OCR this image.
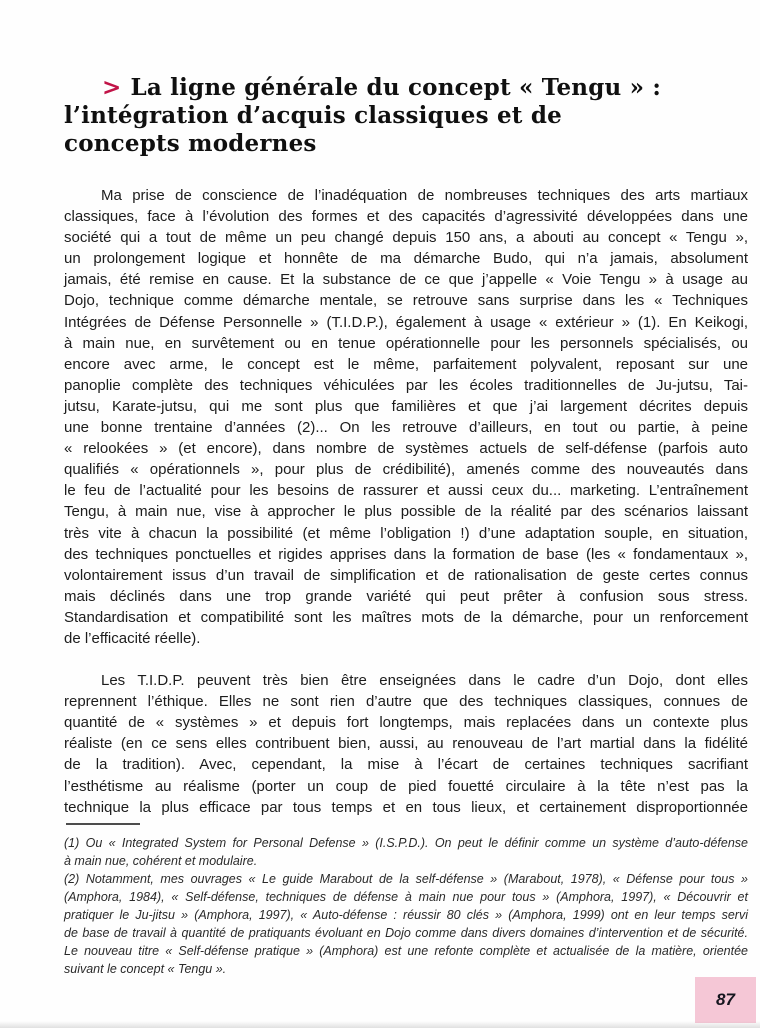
> La ligne générale du concept « Tengu » :
l’intégration d’acquis classiques et de
concepts modernes
Ma prise de conscience de l’inadéquation de nombreuses techniques des arts martiaux
classiques, face à l’évolution des formes et des capacités d’agressivité développées dans une
société qui a tout de même un peu changé depuis 150 ans, a abouti au concept « Tengu »,
un prolongement logique et honnête de ma démarche Budo, qui n’a jamais, absolument
jamais, été remise en cause. Et la substance de ce que j’appelle « Voie Tengu » à usage au
Dojo, technique comme démarche mentale, se retrouve sans surprise dans les « Techniques
Intégrées de Défense Personnelle » (T.I.D.P.), également à usage « extérieur » (1). En Keikogi,
à main nue, en survêtement ou en tenue opérationnelle pour les personnels spécialisés, ou
encore avec arme, le concept est le même, parfaitement polyvalent, reposant sur une
panoplie complète des techniques véhiculées par les écoles traditionnelles de Ju-jutsu, Tai-
jutsu, Karate-jutsu, qui me sont plus que familières et que j’ai largement décrites depuis
une bonne trentaine d’années (2)... On les retrouve d’ailleurs, en tout ou partie, à peine
« relookées » (et encore), dans nombre de systèmes actuels de self-défense (parfois auto
qualifiés « opérationnels », pour plus de crédibilité), amenés comme des nouveautés dans
le feu de l’actualité pour les besoins de rassurer et aussi ceux du... marketing. L’entraînement
Tengu, à main nue, vise à approcher le plus possible de la réalité par des scénarios laissant
très vite à chacun la possibilité (et même l’obligation !) d’une adaptation souple, en situation,
des techniques ponctuelles et rigides apprises dans la formation de base (les « fondamentaux »,
volontairement issus d’un travail de simplification et de rationalisation de geste certes connus
mais déclinés dans une trop grande variété qui peut prêter à confusion sous stress.
Standardisation et compatibilité sont les maîtres mots de la démarche, pour un renforcement
de l’efficacité réelle).
Les T.I.D.P. peuvent très bien être enseignées dans le cadre d’un Dojo, dont elles
reprennent l’éthique. Elles ne sont rien d’autre que des techniques classiques, connues de
quantité de « systèmes » et depuis fort longtemps, mais replacées dans un contexte plus
réaliste (en ce sens elles contribuent bien, aussi, au renouveau de l’art martial dans la fidélité
de la tradition). Avec, cependant, la mise à l’écart de certaines techniques sacrifiant
l’esthétisme au réalisme (porter un coup de pied fouetté circulaire à la tête n’est pas la
technique la plus efficace par tous temps et en tous lieux, et certainement disproportionnée
(1) Ou « Integrated System for Personal Defense » (I.S.P.D.). On peut le définir comme un système d’auto-défense
à main nue, cohérent et modulaire.
(2) Notamment, mes ouvrages « Le guide Marabout de la self-défense » (Marabout, 1978), « Défense pour tous »
(Amphora, 1984), « Self-défense, techniques de défense à main nue pour tous » (Amphora, 1997), « Découvrir et
pratiquer le Ju-jitsu » (Amphora, 1997), « Auto-défense : réussir 80 clés » (Amphora, 1999) ont en leur temps servi
de base de travail à quantité de pratiquants évoluant en Dojo comme dans divers domaines d’intervention et de sécurité.
Le nouveau titre « Self-défense pratique » (Amphora) est une refonte complète et actualisée de la matière, orientée
suivant le concept « Tengu ».
87
